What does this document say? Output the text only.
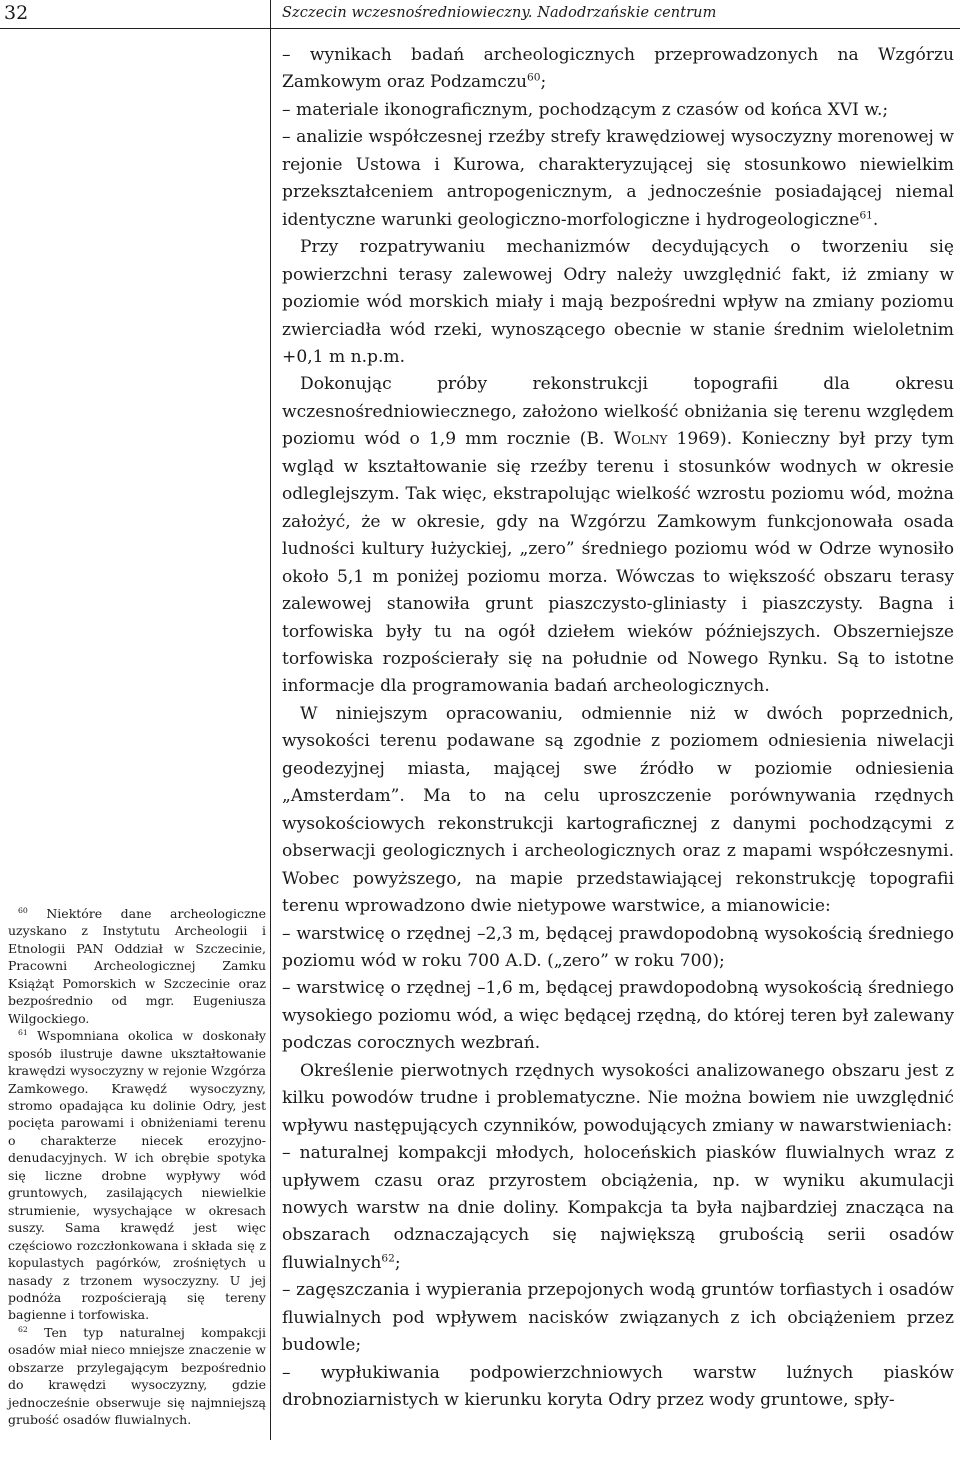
32	Szczecin wczesnośredniowieczny. Nadodrzańskie centrum

$^{60}$ Niektóre dane archeologiczne uzyskano z Instytutu Archeologii i Etnologii PAN Oddział w Szczecinie, Pracowni Archeologicznej Zamku Książąt Pomorskich w Szczecinie oraz bezpośrednio od mgr. Eugeniusza Wilgockiego.

$^{61}$ Wspomniana okolica w doskonały sposób ilustruje dawne ukształtowanie krawędzi wysoczyzny w rejonie Wzgórza Zamkowego. Krawędź wysoczyzny, stromo opadająca ku dolinie Odry, jest pocięta parowami i obniżeniami terenu o charakterze niecek erozyjno-denudacyjnych. W ich obrębie spotyka się liczne drobne wypływy wód gruntowych, zasilających niewielkie strumienie, wysychające w okresach suszy. Sama krawędź jest więc częściowo rozczłonkowana i składa się z kopulastych pagórków, zrośniętych u nasady z trzonem wysoczyzny. U jej podnóża rozpościerają się tereny bagienne i torfowiska.

$^{62}$ Ten typ naturalnej kompakcji osadów miał nieco mniejsze znaczenie w obszarze przylegającym bezpośrednio do krawędzi wysoczyzny, gdzie jednocześnie obserwuje się najmniejszą grubość osadów fluwialnych.

– wynikach badań archeologicznych przeprowadzonych na Wzgórzu Zamkowym oraz Podzamczu$^{60}$;

– materiale ikonograficznym, pochodzącym z czasów od końca XVI w.;

– analizie współczesnej rzeźby strefy krawędziowej wysoczyzny morenowej w rejonie Ustowa i Kurowa, charakteryzującej się stosunkowo niewielkim przekształceniem antropogenicznym, a jednocześnie posiadającej niemal identyczne warunki geologiczno-morfologiczne i hydrogeologiczne$^{61}$.

Przy rozpatrywaniu mechanizmów decydujących o tworzeniu się powierzchni terasy zalewowej Odry należy uwzględnić fakt, iż zmiany w poziomie wód morskich miały i mają bezpośredni wpływ na zmiany poziomu zwierciadła wód rzeki, wynoszącego obecnie w stanie średnim wieloletnim +0,1 m n.p.m.

Dokonując próby rekonstrukcji topografii dla okresu wczesnośredniowiecznego, założono wielkość obniżania się terenu względem poziomu wód o 1,9 mm rocznie (B. Wolny 1969). Konieczny był przy tym wgląd w kształtowanie się rzeźby terenu i stosunków wodnych w okresie odleglejszym. Tak więc, ekstrapolując wielkość wzrostu poziomu wód, można założyć, że w okresie, gdy na Wzgórzu Zamkowym funkcjonowała osada ludności kultury łużyckiej, „zero” średniego poziomu wód w Odrze wynosiło około 5,1 m poniżej poziomu morza. Wówczas to większość obszaru terasy zalewowej stanowiła grunt piaszczysto-gliniasty i piaszczysty. Bagna i torfowiska były tu na ogół dziełem wieków późniejszych. Obszerniejsze torfowiska rozpościerały się na południe od Nowego Rynku. Są to istotne informacje dla programowania badań archeologicznych.

W niniejszym opracowaniu, odmiennie niż w dwóch poprzednich, wysokości terenu podawane są zgodnie z poziomem odniesienia niwelacji geodezyjnej miasta, mającej swe źródło w poziomie odniesienia „Amsterdam”. Ma to na celu uproszczenie porównywania rzędnych wysokościowych rekonstrukcji kartograficznej z danymi pochodzącymi z obserwacji geologicznych i archeologicznych oraz z mapami współczesnymi. Wobec powyższego, na mapie przedstawiającej rekonstrukcję topografii terenu wprowadzono dwie nietypowe warstwice, a mianowicie:

– warstwicę o rzędnej –2,3 m, będącej prawdopodobną wysokością średniego poziomu wód w roku 700 A.D. („zero” w roku 700);

– warstwicę o rzędnej –1,6 m, będącej prawdopodobną wysokością średniego wysokiego poziomu wód, a więc będącej rzędną, do której teren był zalewany podczas corocznych wezbrań.

Określenie pierwotnych rzędnych wysokości analizowanego obszaru jest z kilku powodów trudne i problematyczne. Nie można bowiem nie uwzględnić wpływu następujących czynników, powodujących zmiany w nawarstwieniach:

– naturalnej kompakcji młodych, holoceńskich piasków fluwialnych wraz z upływem czasu oraz przyrostem obciążenia, np. w wyniku akumulacji nowych warstw na dnie doliny. Kompakcja ta była najbardziej znacząca na obszarach odznaczających się największą grubością serii osadów fluwialnych$^{62}$;

– zagęszczania i wypierania przepojonych wodą gruntów torfiastych i osadów fluwialnych pod wpływem nacisków związanych z ich obciążeniem przez budowle;

– wypłukiwania podpowierzchniowych warstw luźnych piasków drobnoziarnistych w kierunku koryta Odry przez wody gruntowe, spły-
